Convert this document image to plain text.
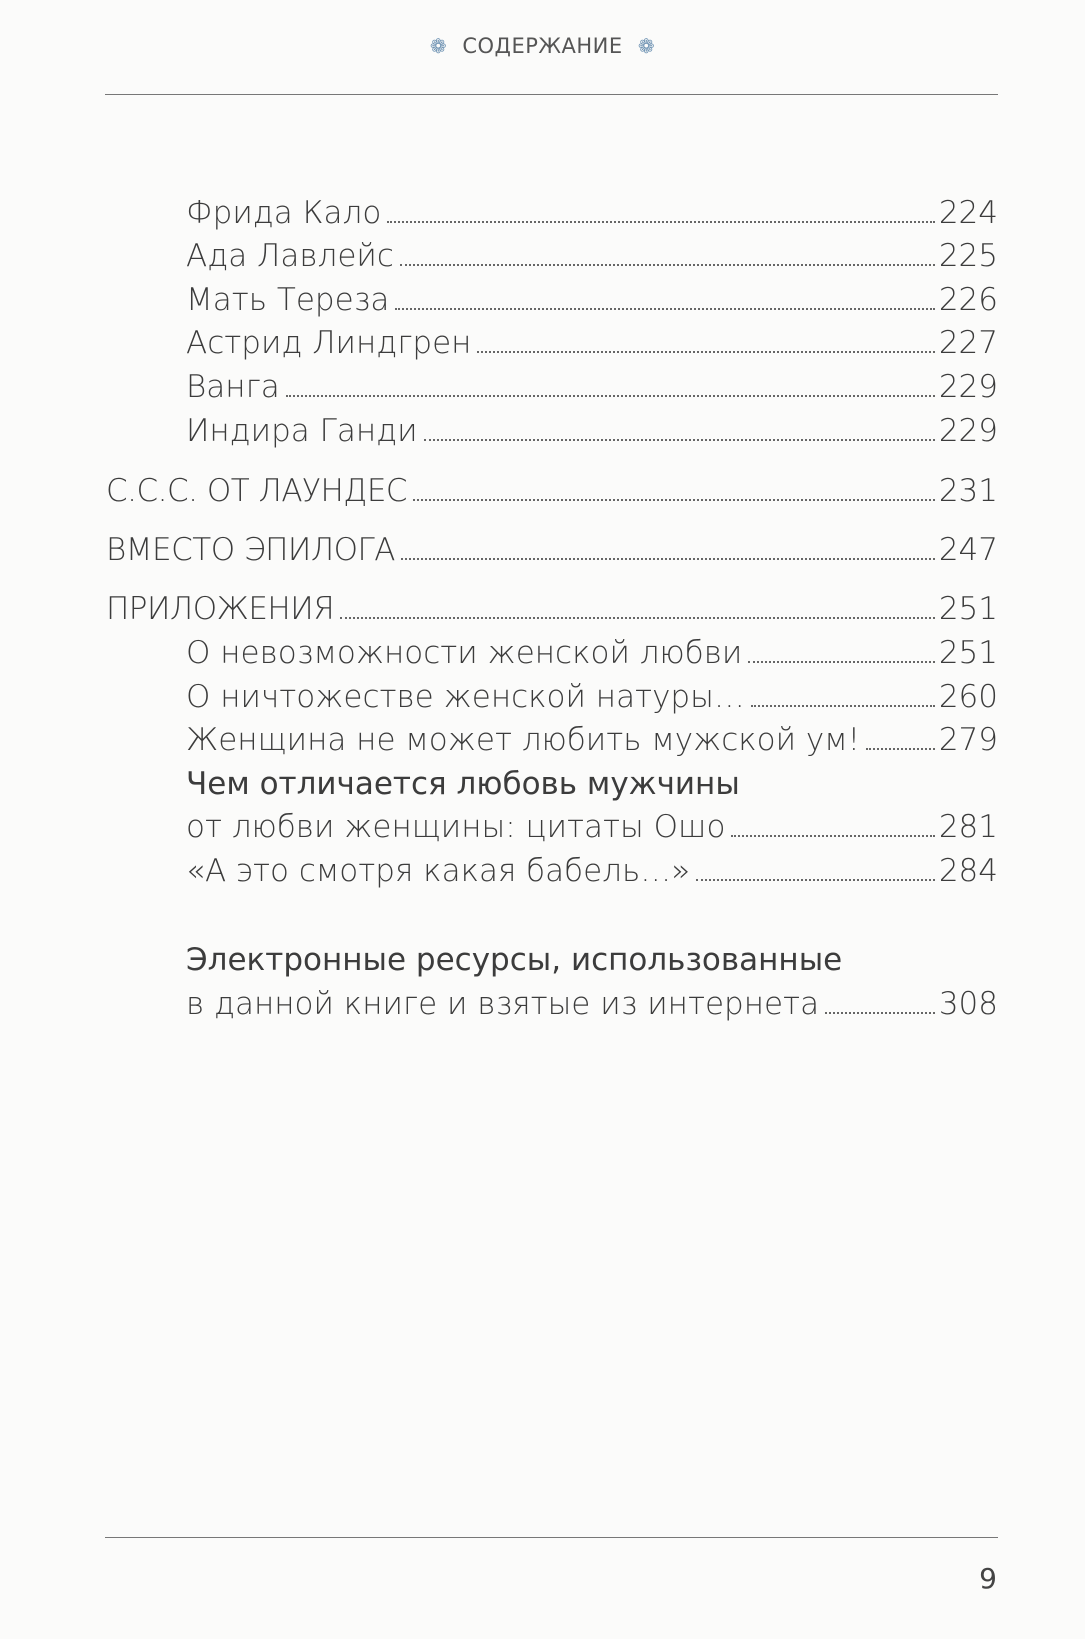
❁ СОДЕРЖАНИЕ ❁
Фрида Кало	224
Ада Лавлейс	225
Мать Тереза	226
Астрид Линдгрен	227
Ванга	229
Индира Ганди	229
С.С.С. ОТ ЛАУНДЕС	231
ВМЕСТО ЭПИЛОГА	247
ПРИЛОЖЕНИЯ	251
О невозможности женской любви	251
О ничтожестве женской натуры…	260
Женщина не может любить мужской ум!	279
Чем отличается любовь мужчины
от любви женщины: цитаты Ошо	281
«А это смотря какая бабель…»	284
Электронные ресурсы, использованные
в данной книге и взятые из интернета	308
9
